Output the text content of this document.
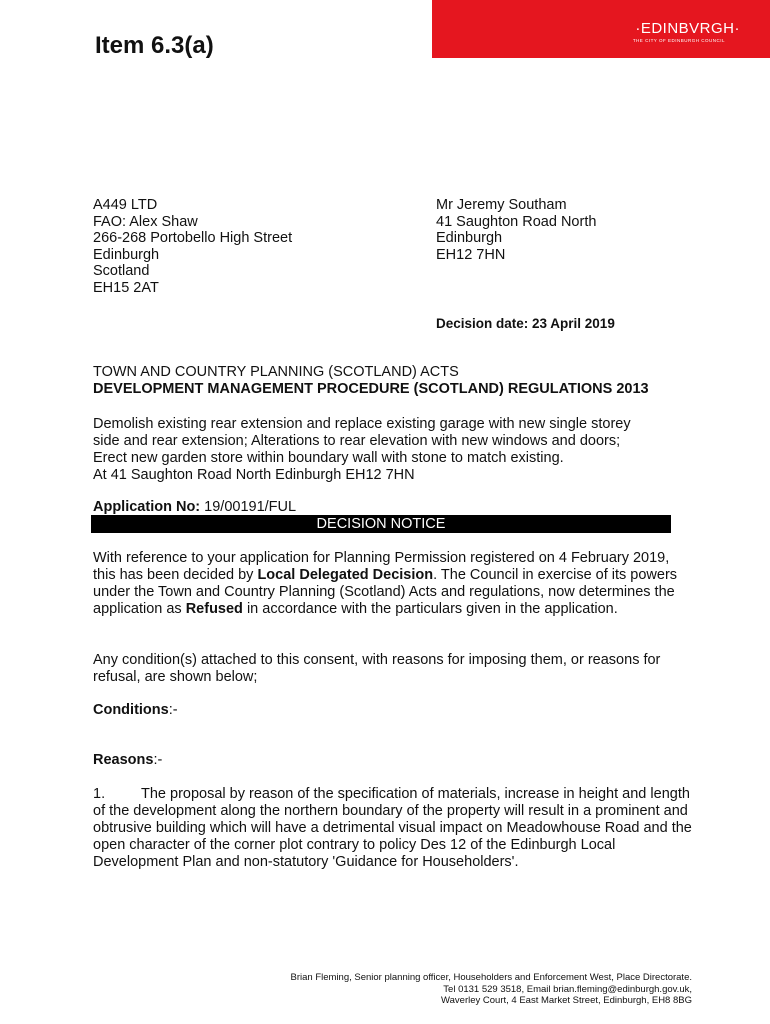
·EDINBVRGH·
THE CITY OF EDINBURGH COUNCIL
Item 6.3(a)
A449 LTD
FAO: Alex Shaw
266-268 Portobello High Street
Edinburgh
Scotland
EH15 2AT
Mr Jeremy Southam
41 Saughton Road North
Edinburgh
EH12 7HN
Decision date: 23 April 2019
TOWN AND COUNTRY PLANNING (SCOTLAND) ACTS
DEVELOPMENT MANAGEMENT PROCEDURE (SCOTLAND) REGULATIONS 2013
Demolish existing rear extension and replace existing garage with new single storey
side and rear extension; Alterations to rear elevation with new windows and doors;
Erect new garden store within boundary wall with stone to match existing.
At 41 Saughton Road North Edinburgh EH12 7HN
Application No: 19/00191/FUL
DECISION NOTICE
With reference to your application for Planning Permission registered on 4 February 2019, this has been decided by Local Delegated Decision. The Council in exercise of its powers under the Town and Country Planning (Scotland) Acts and regulations, now determines the application as Refused in accordance with the particulars given in the application.
Any condition(s) attached to this consent, with reasons for imposing them, or reasons for refusal, are shown below;
Conditions:-
Reasons:-
1. The proposal by reason of the specification of materials, increase in height and length of the development along the northern boundary of the property will result in a prominent and obtrusive building which will have a detrimental visual impact on Meadowhouse Road and the open character of the corner plot contrary to policy Des 12 of the Edinburgh Local Development Plan and non-statutory 'Guidance for Householders'.
Brian Fleming, Senior planning officer, Householders and Enforcement West, Place Directorate.
Tel 0131 529 3518, Email brian.fleming@edinburgh.gov.uk,
Waverley Court, 4 East Market Street, Edinburgh, EH8 8BG
